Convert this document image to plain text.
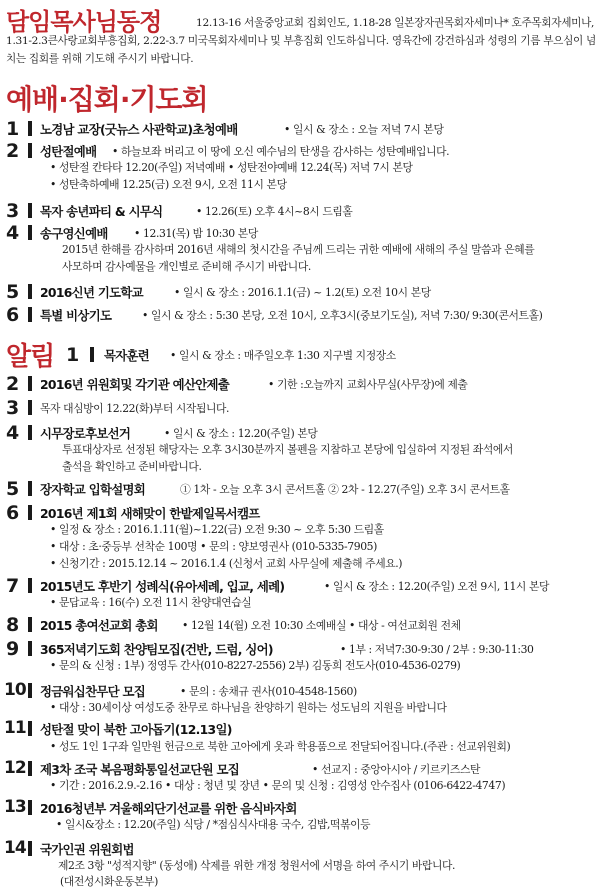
담임목사님동정	12.13-16 서울중앙교회 집회인도, 1.18-28 일본장자권목회자세미나* 호주목회자세미나, 1.31-2.3큰사랑교회부흥집회, 2.22-3.7 미국목회자세미나 및 부흥집회 인도하십니다. 영육간에 강건하심과 성령의 기름 부으심이 넘치는 집회를 위해 기도해 주시기 바랍니다.

예배·집회·기도회
1 노경남 교장(굿뉴스 사관학교)초청예배	• 일시 & 장소 : 오늘 저녁 7시 본당
2 성탄절예배 • 하늘보좌 버리고 이 땅에 오신 예수님의 탄생을 감사하는 성탄예배입니다.
• 성탄절 칸타타 12.20(주일) 저녁예배 • 성탄전야예배 12.24(목) 저녁 7시 본당
• 성탄축하예배 12.25(금) 오전 9시, 오전 11시 본당
3 목자 송년파티 & 시무식	• 12.26(토) 오후 4시~8시 드림홀
4 송구영신예배 • 12.31(목) 밤 10:30 본당
2015년 한해를 감사하며 2016년 새해의 첫시간을 주님께 드리는 귀한 예배에 새해의 주실 말씀과 은혜를
사모하며 감사예물을 개인별로 준비해 주시기 바랍니다.
5 2016신년 기도학교	• 일시 & 장소 : 2016.1.1(금) ~ 1.2(토) 오전 10시 본당
6 특별 비상기도	• 일시 & 장소 : 5:30 본당, 오전 10시, 오후3시(중보기도실), 저녁 7:30/ 9:30(콘서트홀)
알림 1 목자훈련 • 일시 & 장소 : 매주일오후 1:30 지구별 지정장소
2 2016년 위원회및 각기관 예산안제출	• 기한 :오늘까지 교회사무실(사무장)에 제출
3 목자 대심방이 12.22(화)부터 시작됩니다.
4 시무장로후보선거	• 일시 & 장소 : 12.20(주일) 본당
투표대상자로 선정된 해당자는 오후 3시30분까지 볼펜을 지참하고 본당에 입실하여 지정된 좌석에서
출석을 확인하고 준비바랍니다.
5 장자학교 입학설명회	① 1차 - 오늘 오후 3시 콘서트홀 ② 2차 - 12.27(주일) 오후 3시 콘서트홀
6 2016년 제1회 새해맞이 한밭제일목서캠프
• 일정 & 장소 : 2016.1.11(월)~1.22(금) 오전 9:30 ~ 오후 5:30 드림홀
• 대상 : 초·중등부 선착순 100명 • 문의 : 양보영권사 (010-5335-7905)
• 신청기간 : 2015.12.14 ~ 2016.1.4 (신청서 교회 사무실에 제출해 주세요.)
7 2015년도 후반기 성례식(유아세례, 입교, 세례)	• 일시 & 장소 : 12.20(주일) 오전 9시, 11시 본당
• 문답교육 : 16(수) 오전 11시 찬양대연습실
8 2015 총여선교회 총회 • 12월 14(월) 오전 10:30 소예배실 • 대상 - 여선교회원 전체
9 365저녁기도회 찬양팀모집(건반, 드럼, 싱어)	• 1부 : 저녁7:30-9:30 / 2부 : 9:30-11:30
• 문의 & 신청 : 1부) 정영두 간사(010-8227-2556) 2부) 김동희 전도사(010-4536-0279)
10 정금워십찬무단 모집	• 문의 : 송채규 권사(010-4548-1560)
• 대상 : 30세이상 여성도중 찬무로 하나님을 찬양하기 원하는 성도님의 지원을 바랍니다
11 성탄절 맞이 북한 고아돕기(12.13일)
• 성도 1인 1구좌 일만원 헌금으로 북한 고아에게 옷과 학용품으로 전달되어집니다.(주관 : 선교위원회)
12 제3차 조국 복음평화통일선교단원 모집	• 선교지 : 중앙아시아 / 키르키즈스탄
• 기간 : 2016.2.9.-2.16 • 대상 : 청년 및 장년 • 문의 및 신청 : 김영성 안수집사 (0106-6422-4747)
13 2016청년부 겨울해외단기선교를 위한 음식바자회
• 일시&장소 : 12.20(주일) 식당 / *점심식사대용 국수, 김밥,떡볶이등
14 국가인권 위원회법
제2조 3항 "성적지향" (동성애) 삭제를 위한 개정 청원서에 서명을 하여 주시기 바랍니다.
(대전성시화운동본부)
